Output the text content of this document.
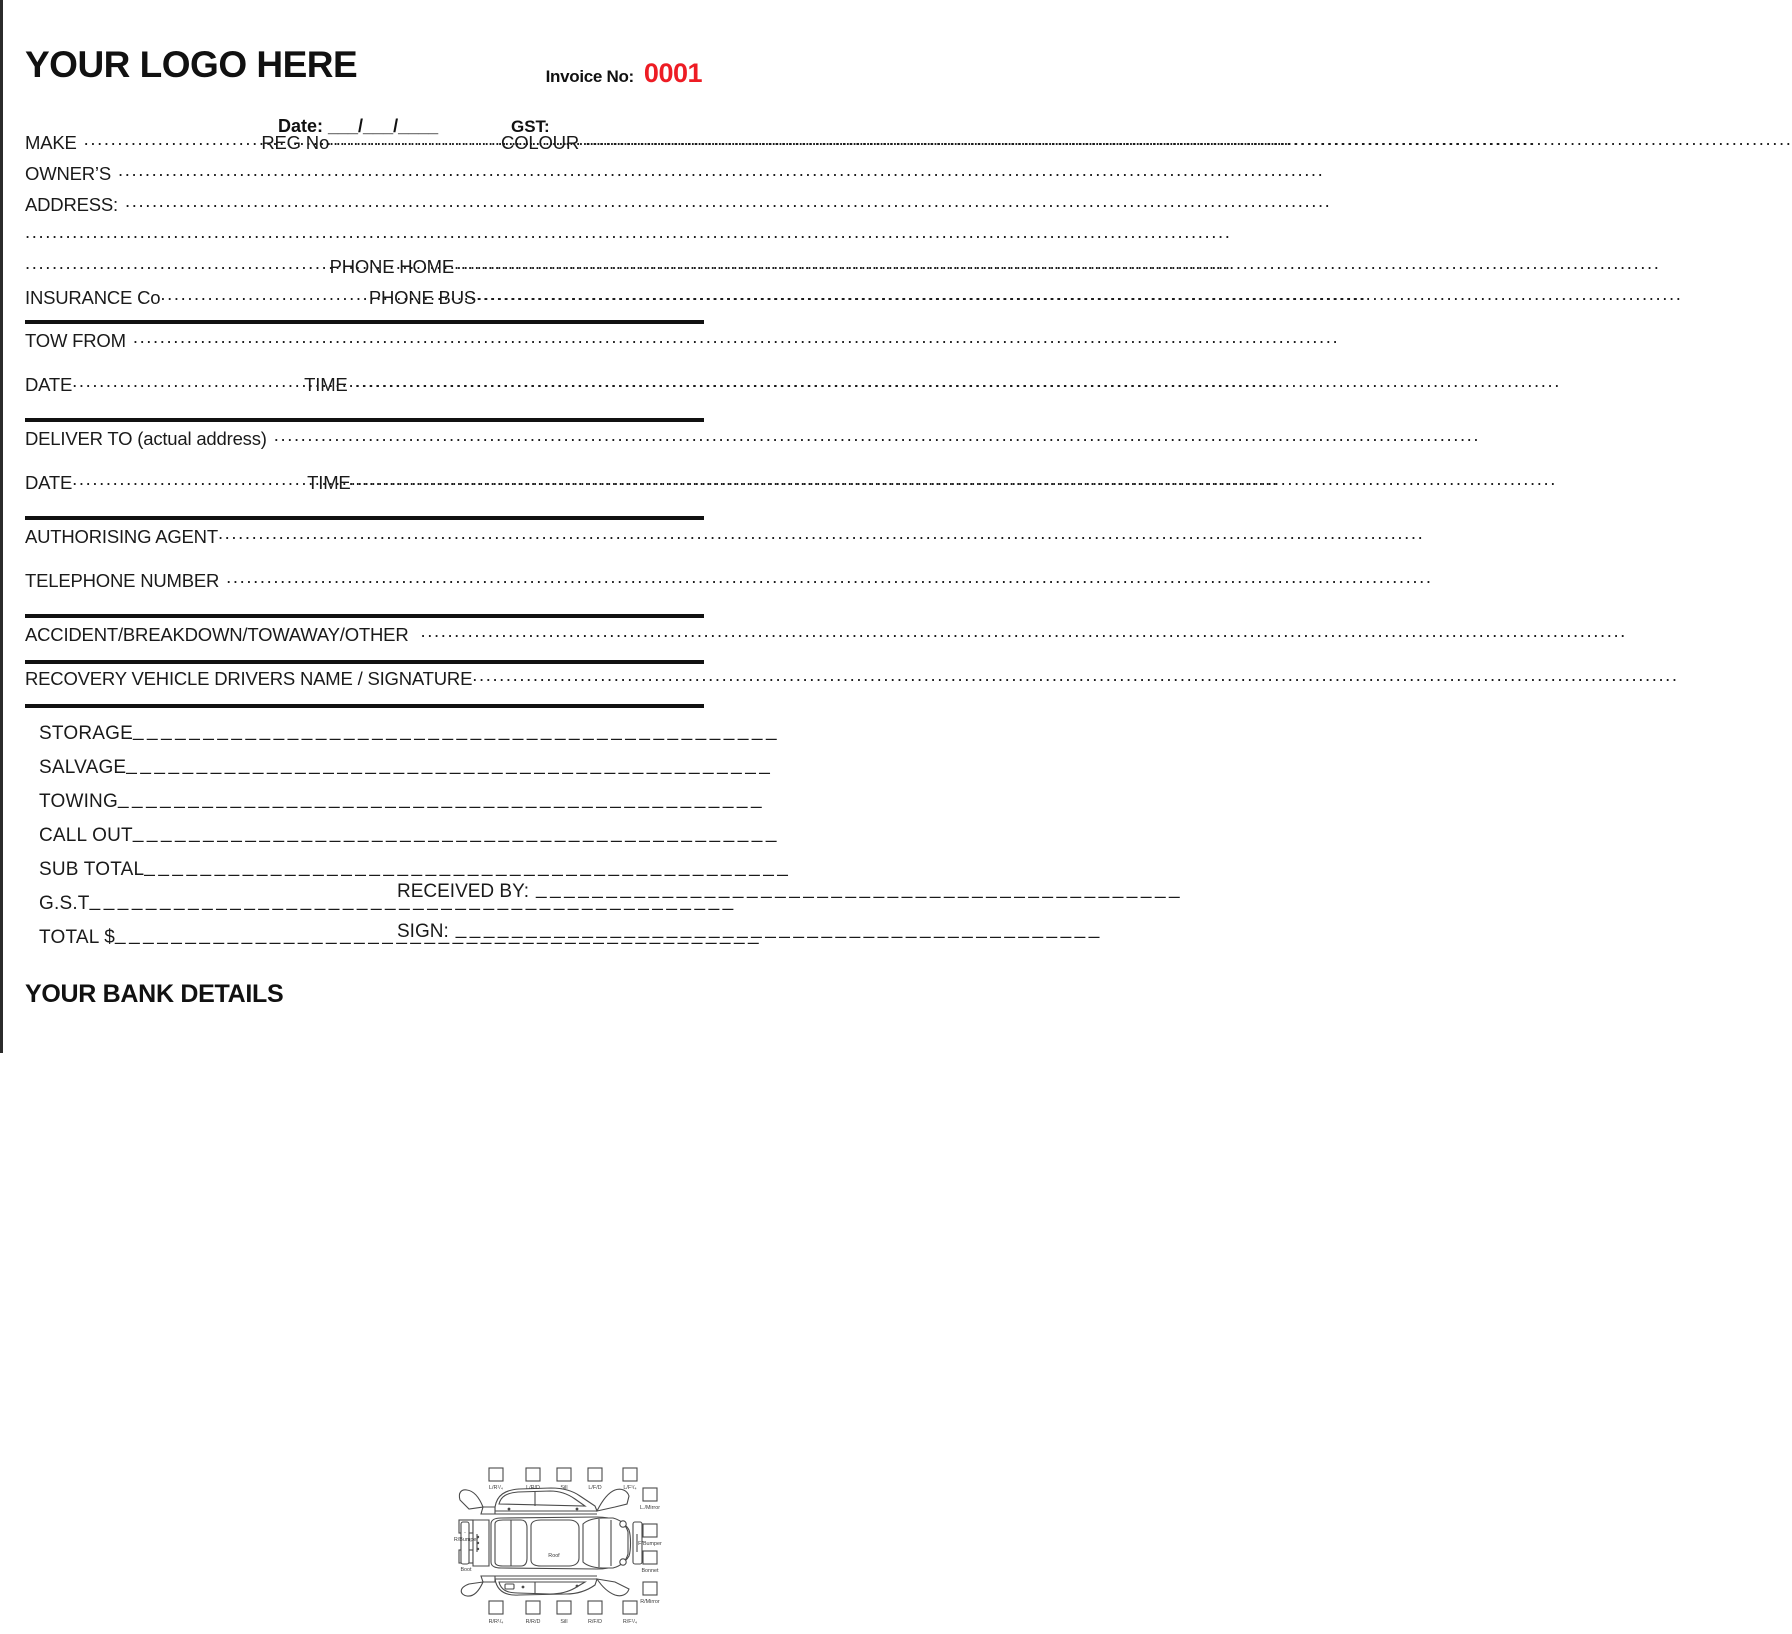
YOUR LOGO HERE	Invoice No: 0001
Date: ___/___/____	GST:
MAKE .....	REG No .....	COLOUR
.....
OWNER’S
.....
ADDRESS:
.....
.....
.....
PHONE HOME
.....
INSURANCE Co .....	PHONE BUS
.....
TOW FROM
.....
DATE .....	TIME
.....
DELIVER TO (actual address)
.....
DATE .....	TIME
.....
AUTHORISING AGENT
.....
TELEPHONE NUMBER
.....
ACCIDENT/BREAKDOWN/TOWAWAY/OTHER
.....
RECOVERY VEHICLE DRIVERS NAME / SIGNATURE
.....
STORAGE
_____
SALVAGE
_____
TOWING
_____
CALL OUT
_____
SUB TOTAL
_____
G.S.T
_____
TOTAL $
_____
RECEIVED BY:
_____
SIGN:
_____
L/R¹/₄	L/R/D	Sill	L/F/D	L/F¹/₄
R/R¹/₄	R/R/D	Sill	R/F/D	R/F¹/₄
R/Bumper
Boot
L./Mirror
F/Bumper
Bonnet
R/Mirror
Roof
YOUR BANK DETAILS
